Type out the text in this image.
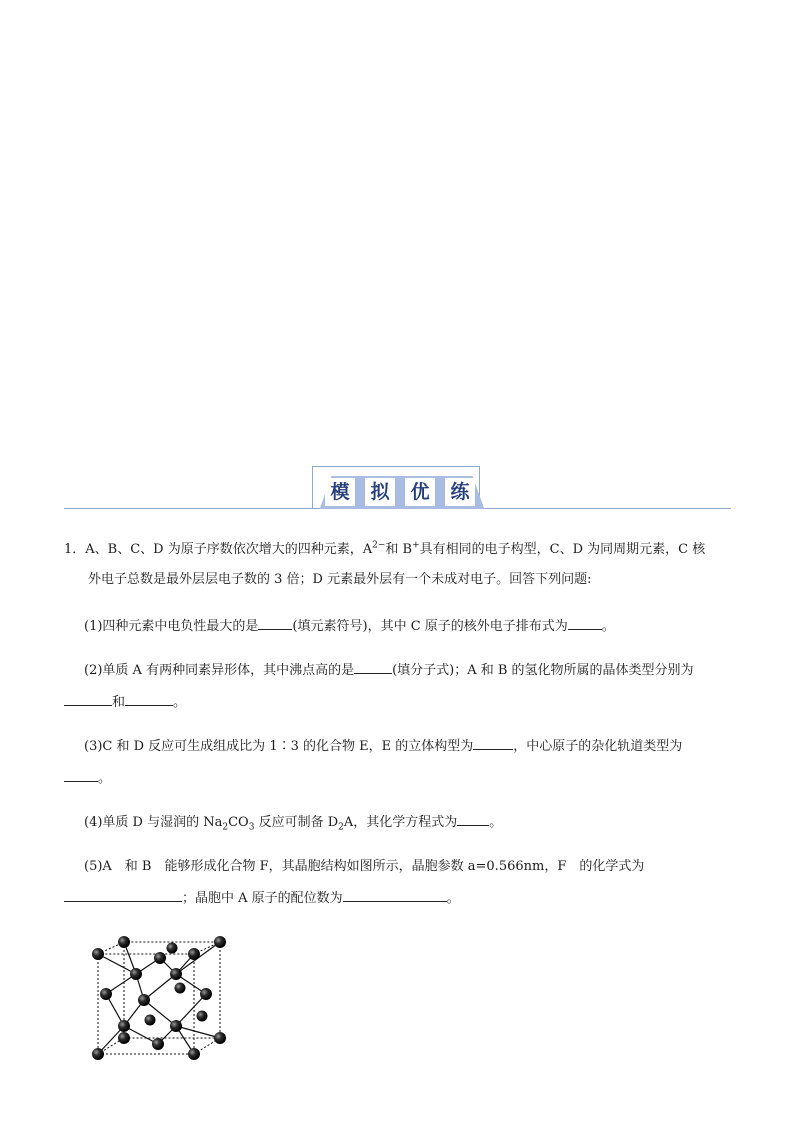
模 拟 优 练
1．A、B、C、D 为原子序数依次增大的四种元素，$A^{2-}$和 B+具有相同的电子构型，C、D 为同周期元素，C 核
外电子总数是最外层层电子数的 3 倍；D 元素最外层有一个未成对电子。回答下列问题:

(1)四种元素中电负性最大的是	(填元素符号)，其中 C 原子的核外电子排布式为	。

(2)单质 A 有两种同素异形体，其中沸点高的是	(填分子式)；A 和 B 的氢化物所属的晶体类型分别为

和	。

(3)C 和 D 反应可生成组成比为 1∶3 的化合物 E，E 的立体构型为	，中心原子的杂化轨道类型为

。

(4)单质 D 与湿润的 $Na_2CO_3$ 反应可制备 $D_2A$，其化学方程式为 。

(5)A　和 B　能够形成化合物 F，其晶胞结构如图所示，晶胞参数 a=0.566nm，F　的化学式为

；晶胞中 A 原子的配位数为	。
